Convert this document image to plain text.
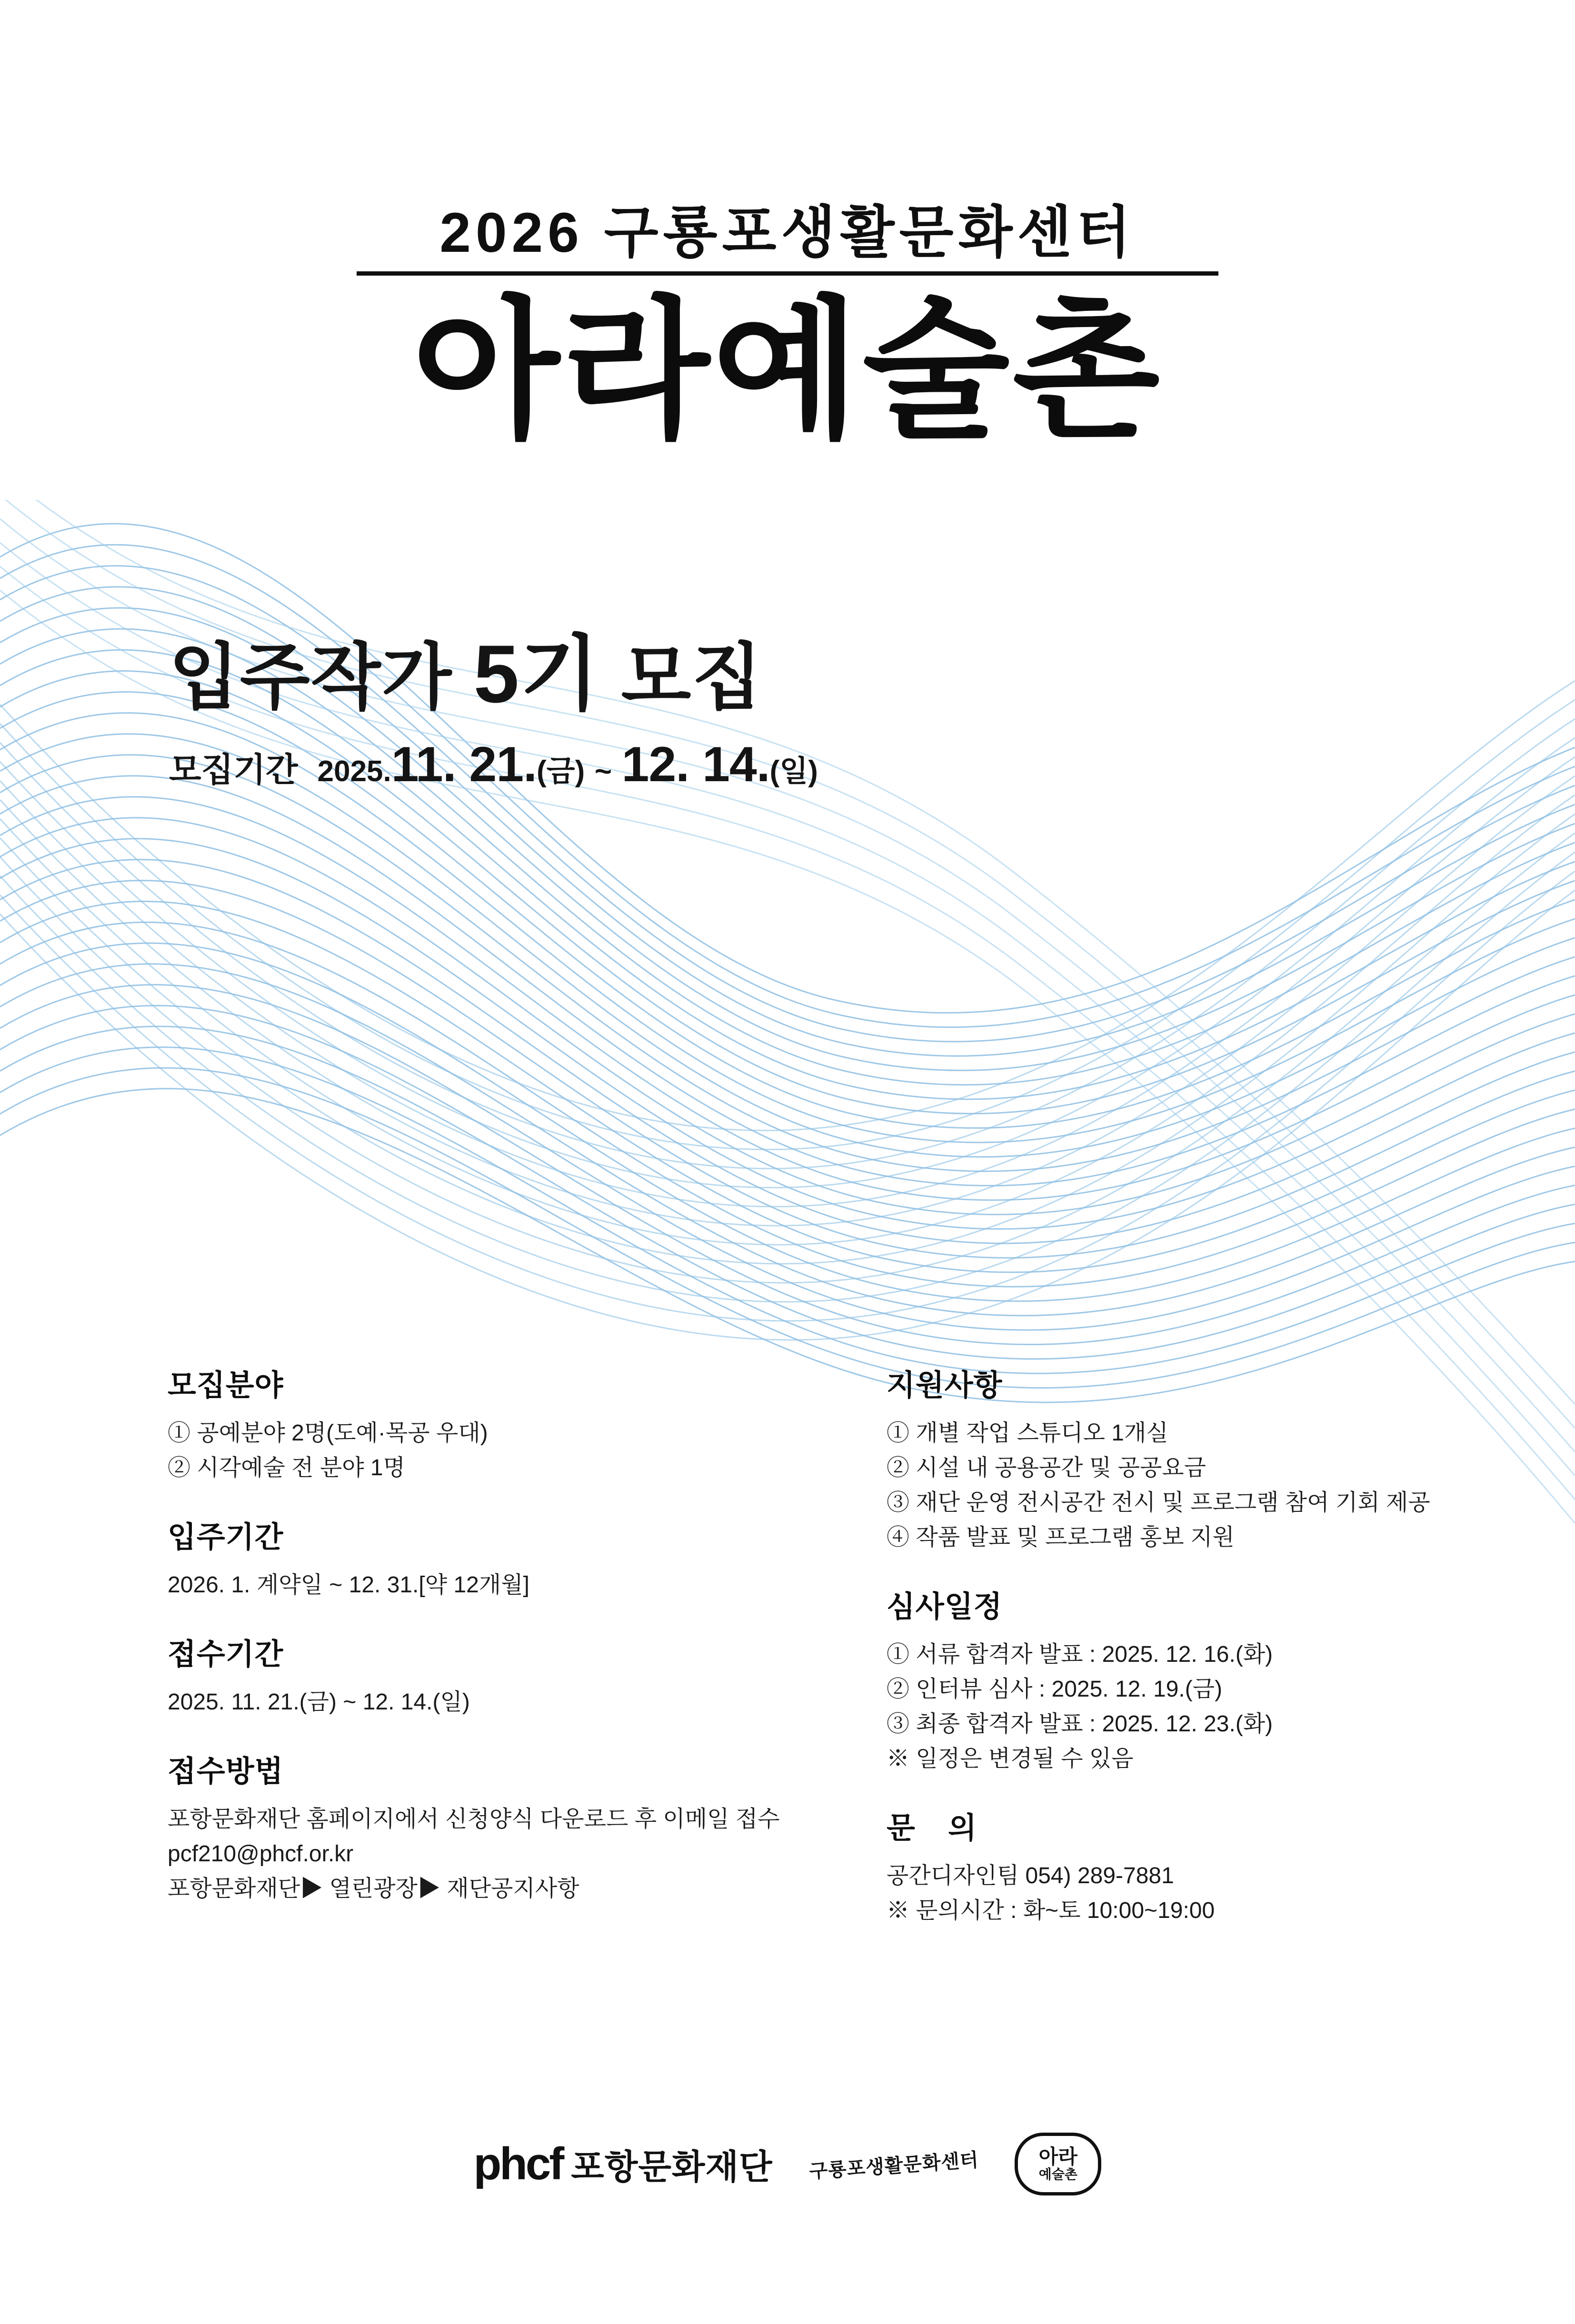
2026 구룡포생활문화센터
아라예술촌
입주작가 5기 모집
모집기간 2025.11. 21.(금) ~ 12. 14.(일)
모집분야
① 공예분야 2명(도예·목공 우대)
② 시각예술 전 분야 1명
입주기간
2026. 1. 계약일 ~ 12. 31.[약 12개월]
접수기간
2025. 11. 21.(금) ~ 12. 14.(일)
접수방법
포항문화재단 홈페이지에서 신청양식 다운로드 후 이메일 접수
pcf210@phcf.or.kr
포항문화재단▶ 열린광장▶ 재단공지사항
지원사항
① 개별 작업 스튜디오 1개실
② 시설 내 공용공간 및 공공요금
③ 재단 운영 전시공간 전시 및 프로그램 참여 기회 제공
④ 작품 발표 및 프로그램 홍보 지원
심사일정
① 서류 합격자 발표 : 2025. 12. 16.(화)
② 인터뷰 심사 : 2025. 12. 19.(금)
③ 최종 합격자 발표 : 2025. 12. 23.(화)
※ 일정은 변경될 수 있음
문 의
공간디자인팀 054) 289-7881
※ 문의시간 : 화~토 10:00~19:00
phcf 포항문화재단 구룡포생활문화센터	아라
예술촌
